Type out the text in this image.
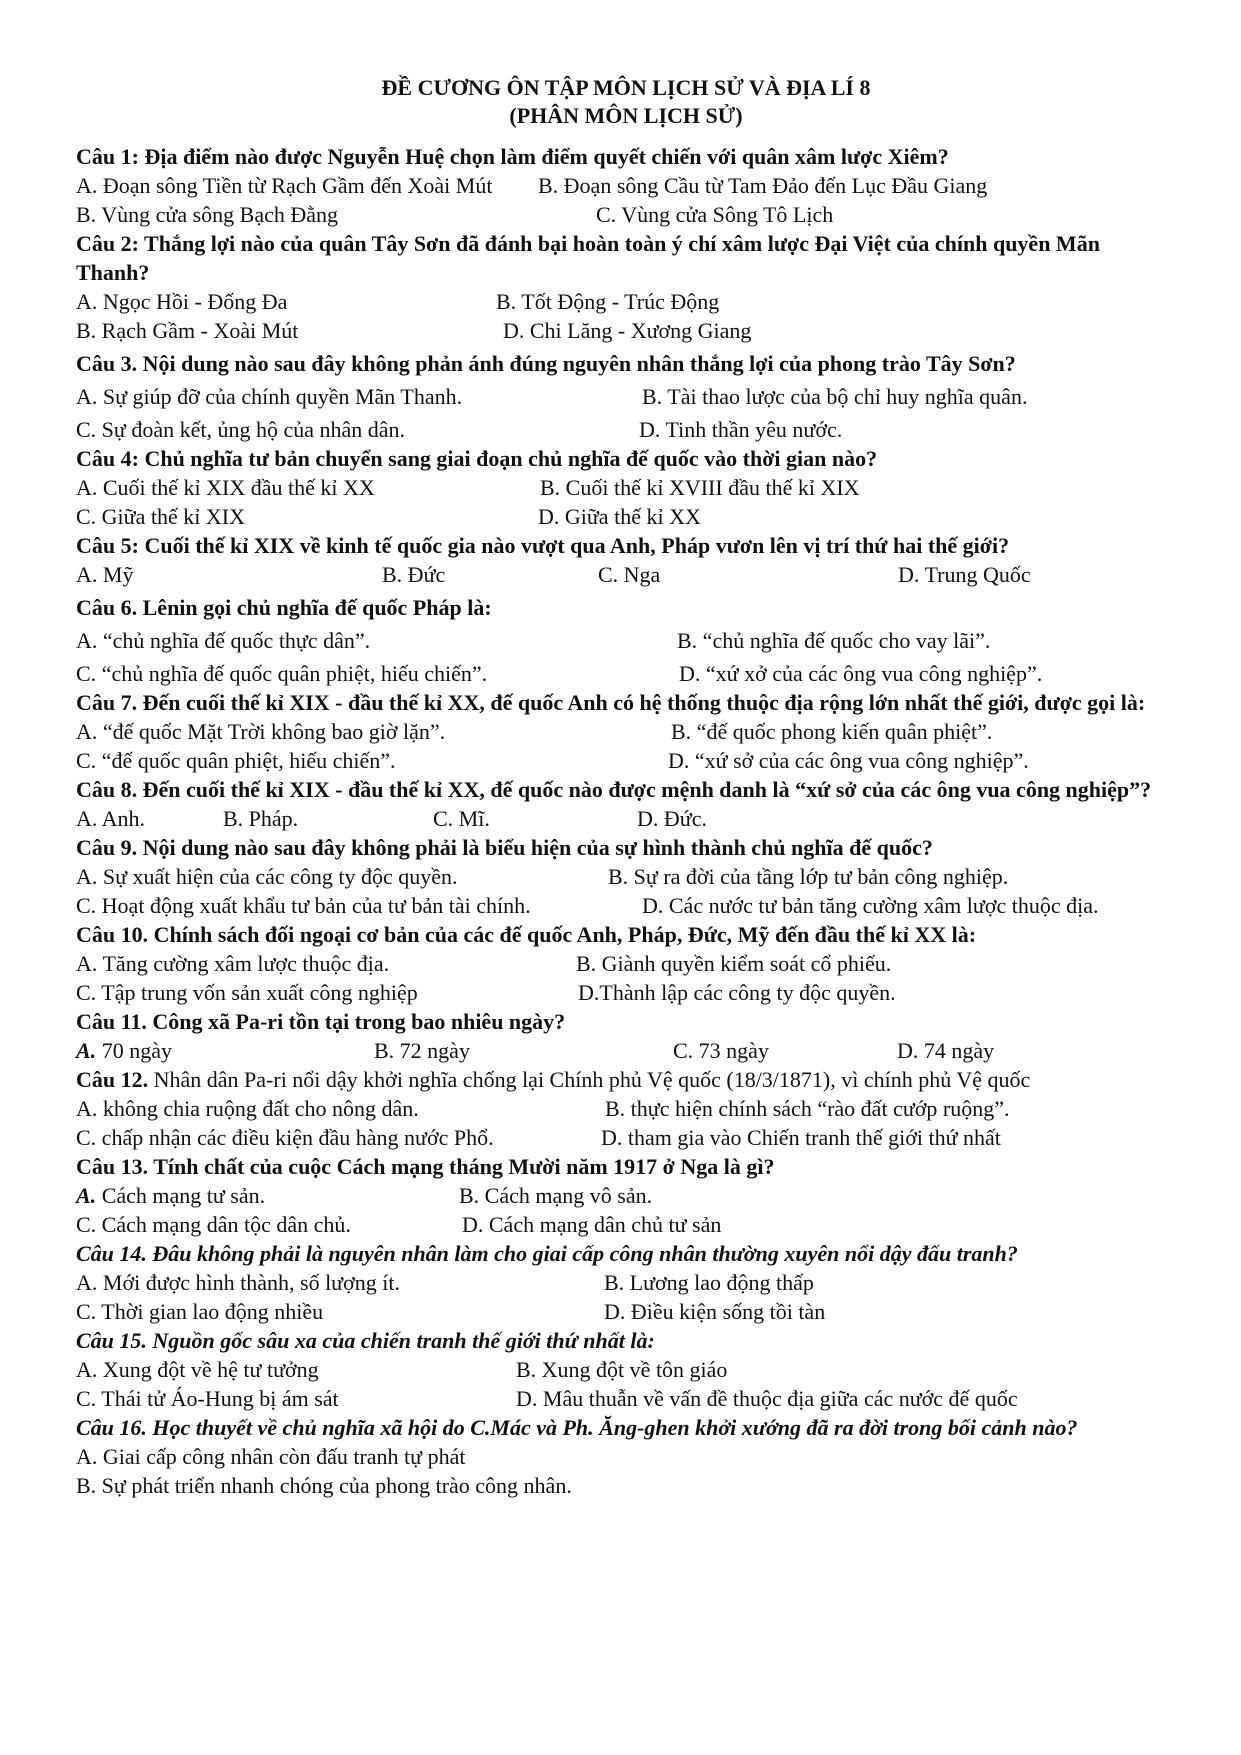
ĐỀ CƯƠNG ÔN TẬP MÔN LỊCH SỬ VÀ ĐỊA LÍ 8

(PHÂN MÔN LỊCH SỬ)

Câu 1: Địa điểm nào được Nguyễn Huệ chọn làm điểm quyết chiến với quân xâm lược Xiêm?

A. Đoạn sông Tiền từ Rạch Gầm đến Xoài Mút	B. Đoạn sông Cầu từ Tam Đảo đến Lục Đầu Giang
B. Vùng cửa sông Bạch Đằng	C. Vùng cửa Sông Tô Lịch

Câu 2: Thắng lợi nào của quân Tây Sơn đã đánh bại hoàn toàn ý chí xâm lược Đại Việt của chính quyền Mãn Thanh?

A. Ngọc Hồi - Đống Đa	B. Tốt Động - Trúc Động
B. Rạch Gầm - Xoài Mút	D. Chi Lăng - Xương Giang

Câu 3. Nội dung nào sau đây không phản ánh đúng nguyên nhân thắng lợi của phong trào Tây Sơn?

A. Sự giúp đỡ của chính quyền Mãn Thanh.	B. Tài thao lược của bộ chỉ huy nghĩa quân.
C. Sự đoàn kết, ủng hộ của nhân dân.	D. Tinh thần yêu nước.

Câu 4: Chủ nghĩa tư bản chuyển sang giai đoạn chủ nghĩa đế quốc vào thời gian nào?

A. Cuối thế kỉ XIX đầu thế kỉ XX	B. Cuối thế kỉ XVIII đầu thế kỉ XIX
C. Giữa thế kỉ XIX	D. Giữa thế kỉ XX

Câu 5: Cuối thế kỉ XIX về kinh tế quốc gia nào vượt qua Anh, Pháp vươn lên vị trí thứ hai thế giới?

A. Mỹ	B. Đức	C. Nga	D. Trung Quốc

Câu 6. Lênin gọi chủ nghĩa đế quốc Pháp là:

A. “chủ nghĩa đế quốc thực dân”.	B. “chủ nghĩa đế quốc cho vay lãi”.
C. “chủ nghĩa đế quốc quân phiệt, hiếu chiến”.	D. “xứ xở của các ông vua công nghiệp”.

Câu 7. Đến cuối thế kỉ XIX - đầu thế kỉ XX, đế quốc Anh có hệ thống thuộc địa rộng lớn nhất thế giới, được gọi là:

A. “đế quốc Mặt Trời không bao giờ lặn”.	B. “đế quốc phong kiến quân phiệt”.
C. “đế quốc quân phiệt, hiếu chiến”.	D. “xứ sở của các ông vua công nghiệp”.

Câu 8. Đến cuối thế kỉ XIX - đầu thế kỉ XX, đế quốc nào được mệnh danh là “xứ sở của các ông vua công nghiệp”?

A. Anh.	B. Pháp.	C. Mĩ.	D. Đức.

Câu 9. Nội dung nào sau đây không phải là biểu hiện của sự hình thành chủ nghĩa đế quốc?

A. Sự xuất hiện của các công ty độc quyền.	B. Sự ra đời của tầng lớp tư bản công nghiệp.
C. Hoạt động xuất khẩu tư bản của tư bản tài chính.	D. Các nước tư bản tăng cường xâm lược thuộc địa.

Câu 10. Chính sách đối ngoại cơ bản của các đế quốc Anh, Pháp, Đức, Mỹ đến đầu thế kỉ XX là:

A. Tăng cường xâm lược thuộc địa.	B. Giành quyền kiểm soát cổ phiếu.
C. Tập trung vốn sản xuất công nghiệp	D.Thành lập các công ty độc quyền.

Câu 11. Công xã Pa-ri tồn tại trong bao nhiêu ngày?

A. 70 ngày	B. 72 ngày	C. 73 ngày	D. 74 ngày

Câu 12. Nhân dân Pa-ri nổi dậy khởi nghĩa chống lại Chính phủ Vệ quốc (18/3/1871), vì chính phủ Vệ quốc

A. không chia ruộng đất cho nông dân.	B. thực hiện chính sách “rào đất cướp ruộng”.
C. chấp nhận các điều kiện đầu hàng nước Phổ.	D. tham gia vào Chiến tranh thế giới thứ nhất

Câu 13. Tính chất của cuộc Cách mạng tháng Mười năm 1917 ở Nga là gì?

A. Cách mạng tư sản.	B. Cách mạng vô sản.
C. Cách mạng dân tộc dân chủ.	D. Cách mạng dân chủ tư sản

Câu 14. Đâu không phải là nguyên nhân làm cho giai cấp công nhân thường xuyên nổi dậy đấu tranh?

A. Mới được hình thành, số lượng ít.	B. Lương lao động thấp
C. Thời gian lao động nhiều	D. Điều kiện sống tồi tàn

Câu 15. Nguồn gốc sâu xa của chiến tranh thế giới thứ nhất là:

A. Xung đột về hệ tư tưởng	B. Xung đột về tôn giáo
C. Thái tử Áo-Hung bị ám sát	D. Mâu thuẫn về vấn đề thuộc địa giữa các nước đế quốc

Câu 16. Học thuyết về chủ nghĩa xã hội do C.Mác và Ph. Ăng-ghen khởi xướng đã ra đời trong bối cảnh nào?

A. Giai cấp công nhân còn đấu tranh tự phát
B. Sự phát triển nhanh chóng của phong trào công nhân.
